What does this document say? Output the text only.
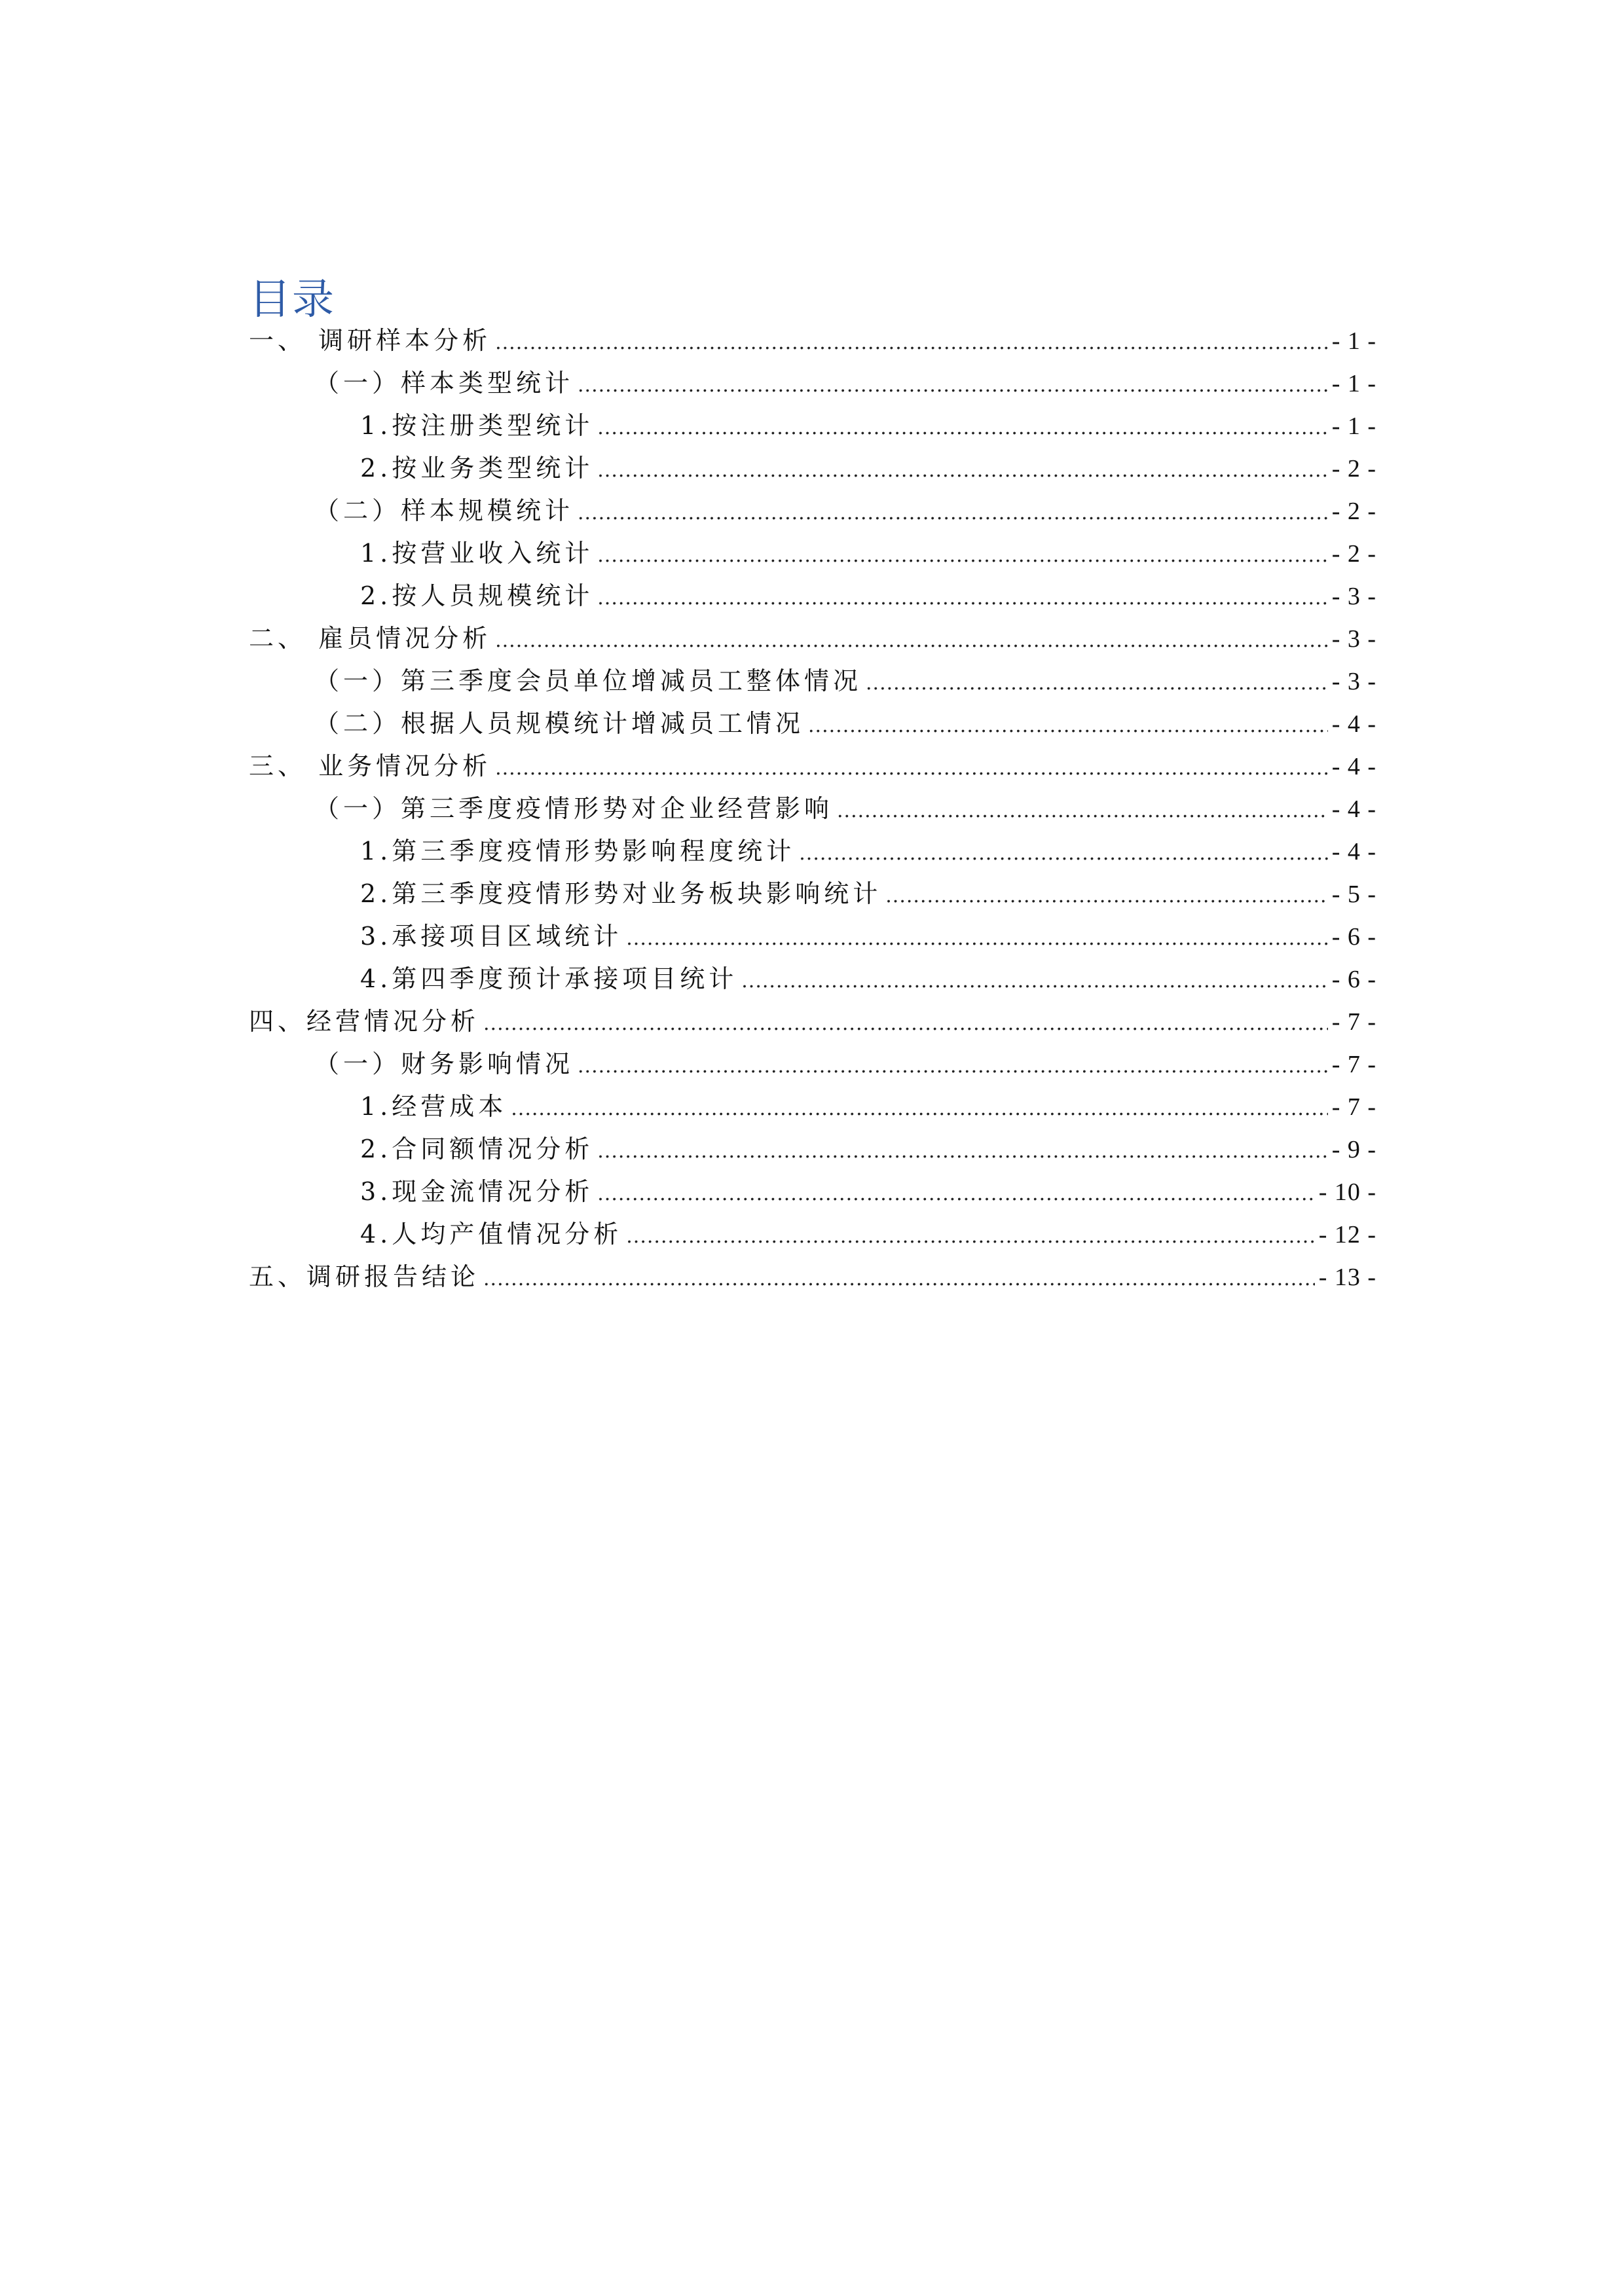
目录
一、 调研样本分析 .....	- 1 -
（一）样本类型统计 .....	- 1 -
1.按注册类型统计 .....	- 1 -
2.按业务类型统计 .....	- 2 -
（二）样本规模统计 .....	- 2 -
1.按营业收入统计 .....	- 2 -
2.按人员规模统计 .....	- 3 -
二、 雇员情况分析 .....	- 3 -
（一）第三季度会员单位增减员工整体情况 .....	- 3 -
（二）根据人员规模统计增减员工情况 .....	- 4 -
三、 业务情况分析 .....	- 4 -
（一）第三季度疫情形势对企业经营影响 .....	- 4 -
1.第三季度疫情形势影响程度统计 .....	- 4 -
2.第三季度疫情形势对业务板块影响统计 .....	- 5 -
3.承接项目区域统计 .....	- 6 -
4.第四季度预计承接项目统计 .....	- 6 -
四、经营情况分析 .....	- 7 -
（一）财务影响情况 .....	- 7 -
1.经营成本 .....	- 7 -
2.合同额情况分析 .....	- 9 -
3.现金流情况分析 .....	- 10 -
4.人均产值情况分析 .....	- 12 -
五、调研报告结论 .....	- 13 -
